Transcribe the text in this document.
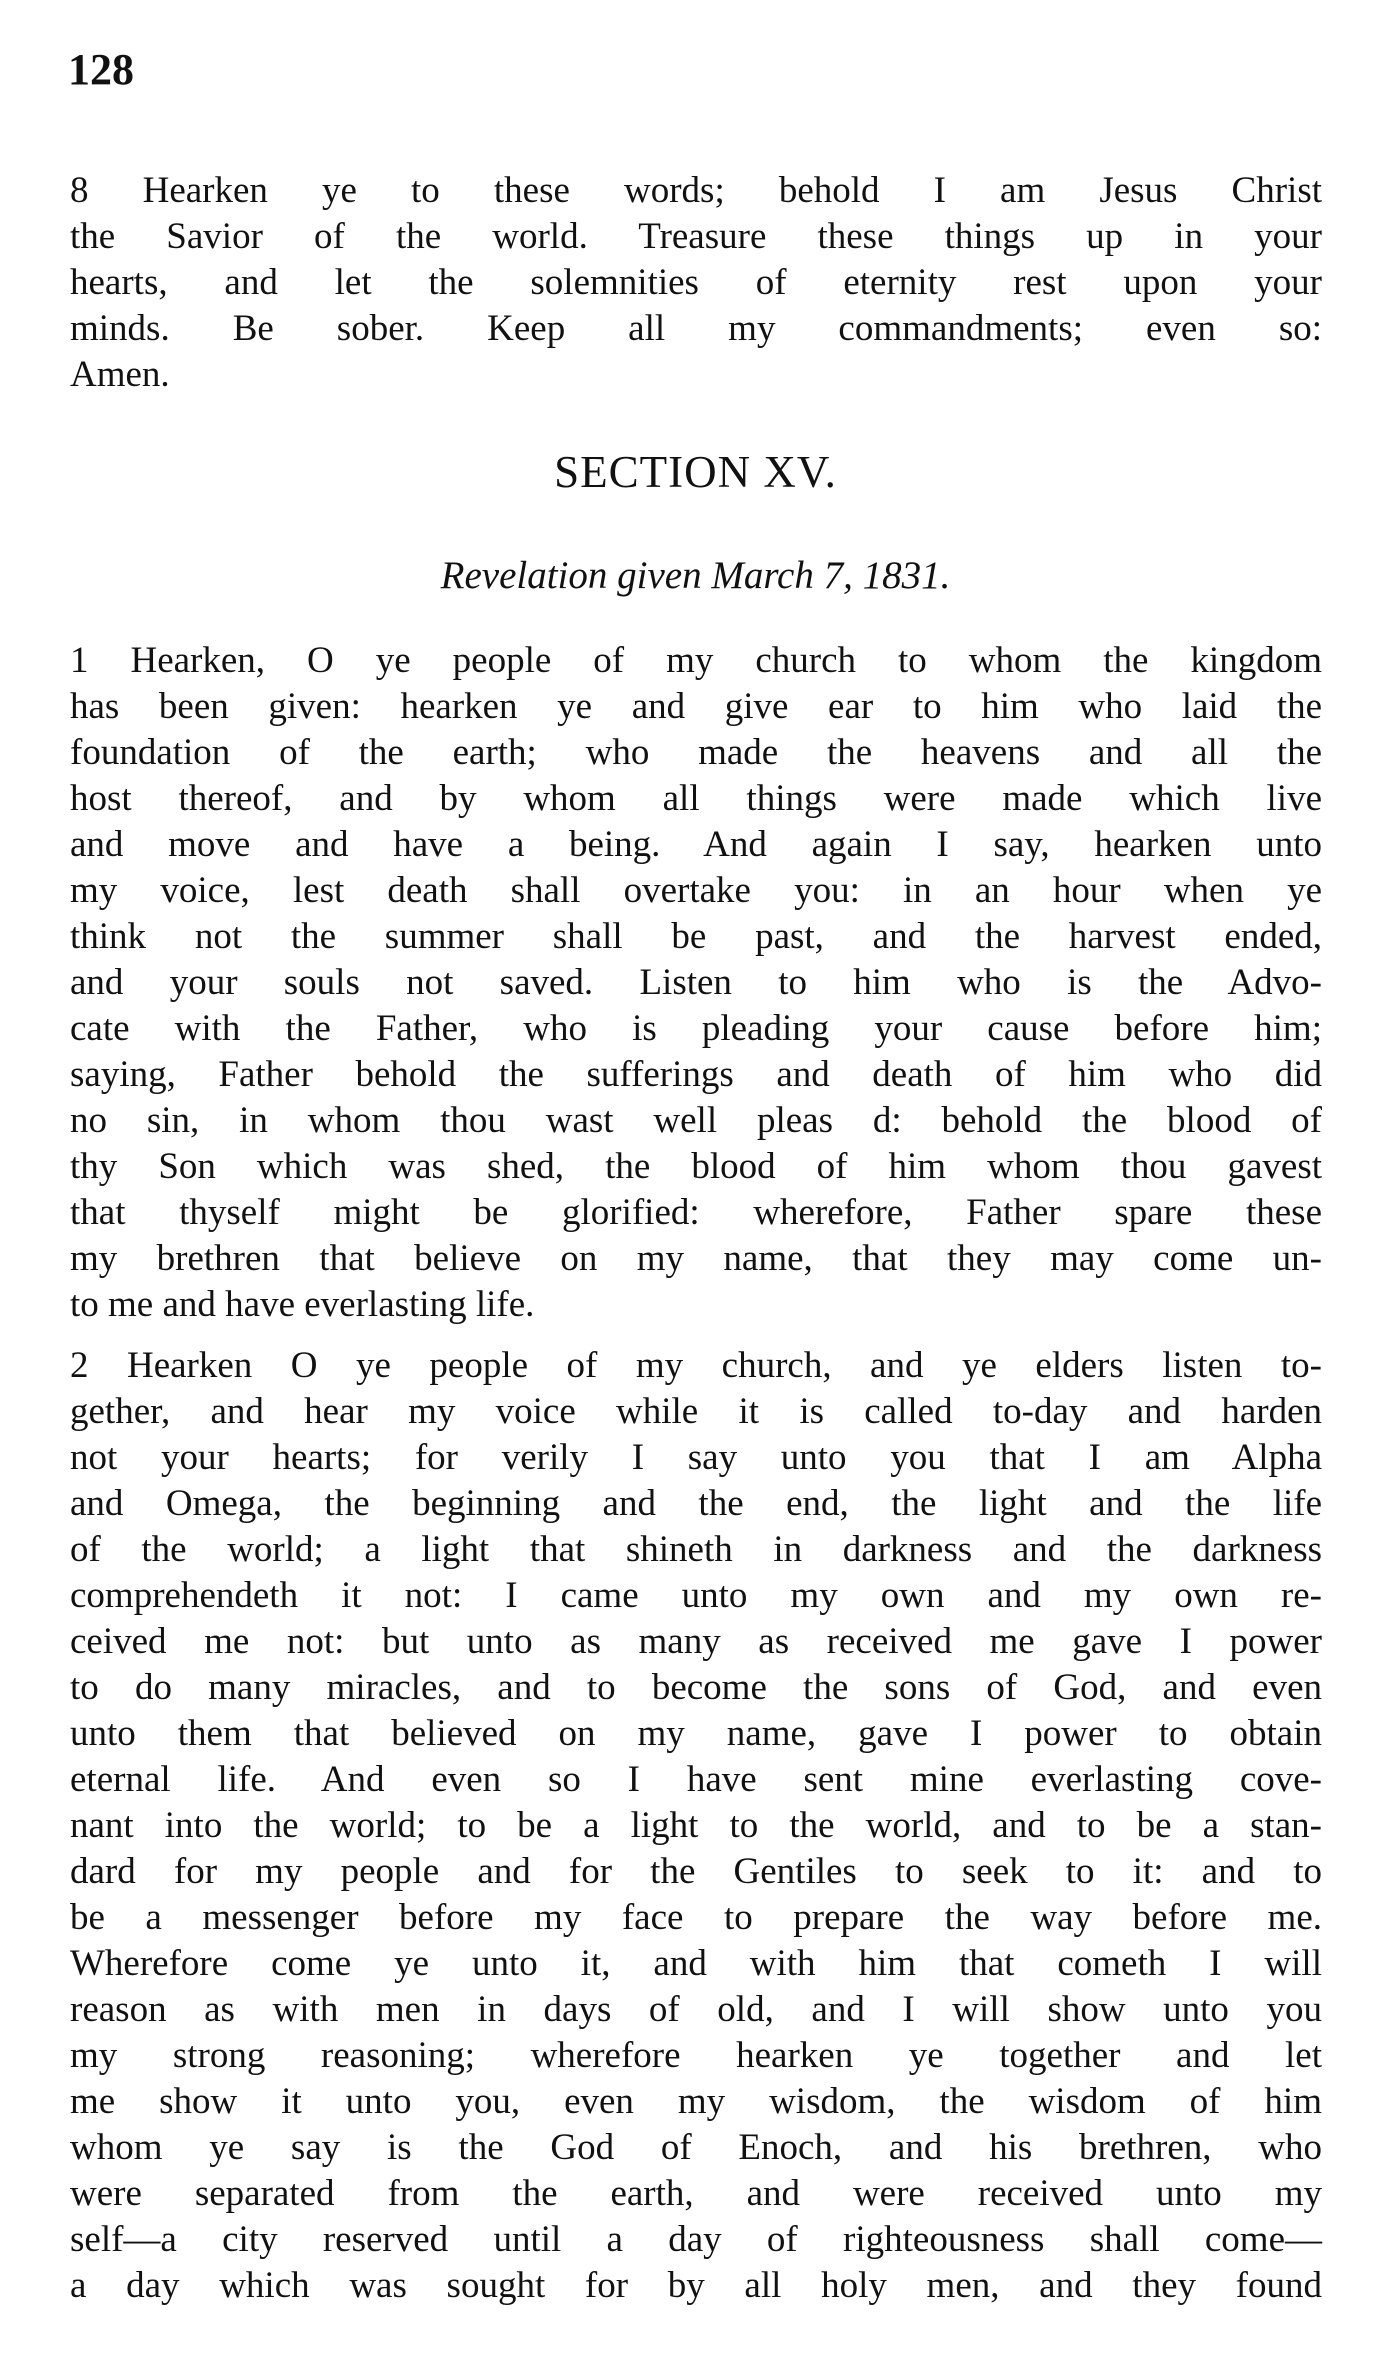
128
8 Hearken ye to these words; behold I am Jesus Christ
the Savior of the world. Treasure these things up in your
hearts, and let the solemnities of eternity rest upon your
minds. Be sober. Keep all my commandments; even so:
Amen.
SECTION XV.
Revelation given March 7, 1831.
1 Hearken, O ye people of my church to whom the kingdom
has been given: hearken ye and give ear to him who laid the
foundation of the earth; who made the heavens and all the
host thereof, and by whom all things were made which live
and move and have a being. And again I say, hearken unto
my voice, lest death shall overtake you: in an hour when ye
think not the summer shall be past, and the harvest ended,
and your souls not saved. Listen to him who is the Advo-
cate with the Father, who is pleading your cause before him;
saying, Father behold the sufferings and death of him who did
no sin, in whom thou wast well pleas d: behold the blood of
thy Son which was shed, the blood of him whom thou gavest
that thyself might be glorified: wherefore, Father spare these
my brethren that believe on my name, that they may come un-
to me and have everlasting life.
2 Hearken O ye people of my church, and ye elders listen to-
gether, and hear my voice while it is called to-day and harden
not your hearts; for verily I say unto you that I am Alpha
and Omega, the beginning and the end, the light and the life
of the world; a light that shineth in darkness and the darkness
comprehendeth it not: I came unto my own and my own re-
ceived me not: but unto as many as received me gave I power
to do many miracles, and to become the sons of God, and even
unto them that believed on my name, gave I power to obtain
eternal life. And even so I have sent mine everlasting cove-
nant into the world; to be a light to the world, and to be a stan-
dard for my people and for the Gentiles to seek to it: and to
be a messenger before my face to prepare the way before me.
Wherefore come ye unto it, and with him that cometh I will
reason as with men in days of old, and I will show unto you
my strong reasoning; wherefore hearken ye together and let
me show it unto you, even my wisdom, the wisdom of him
whom ye say is the God of Enoch, and his brethren, who
were separated from the earth, and were received unto my
self—a city reserved until a day of righteousness shall come—
a day which was sought for by all holy men, and they found
